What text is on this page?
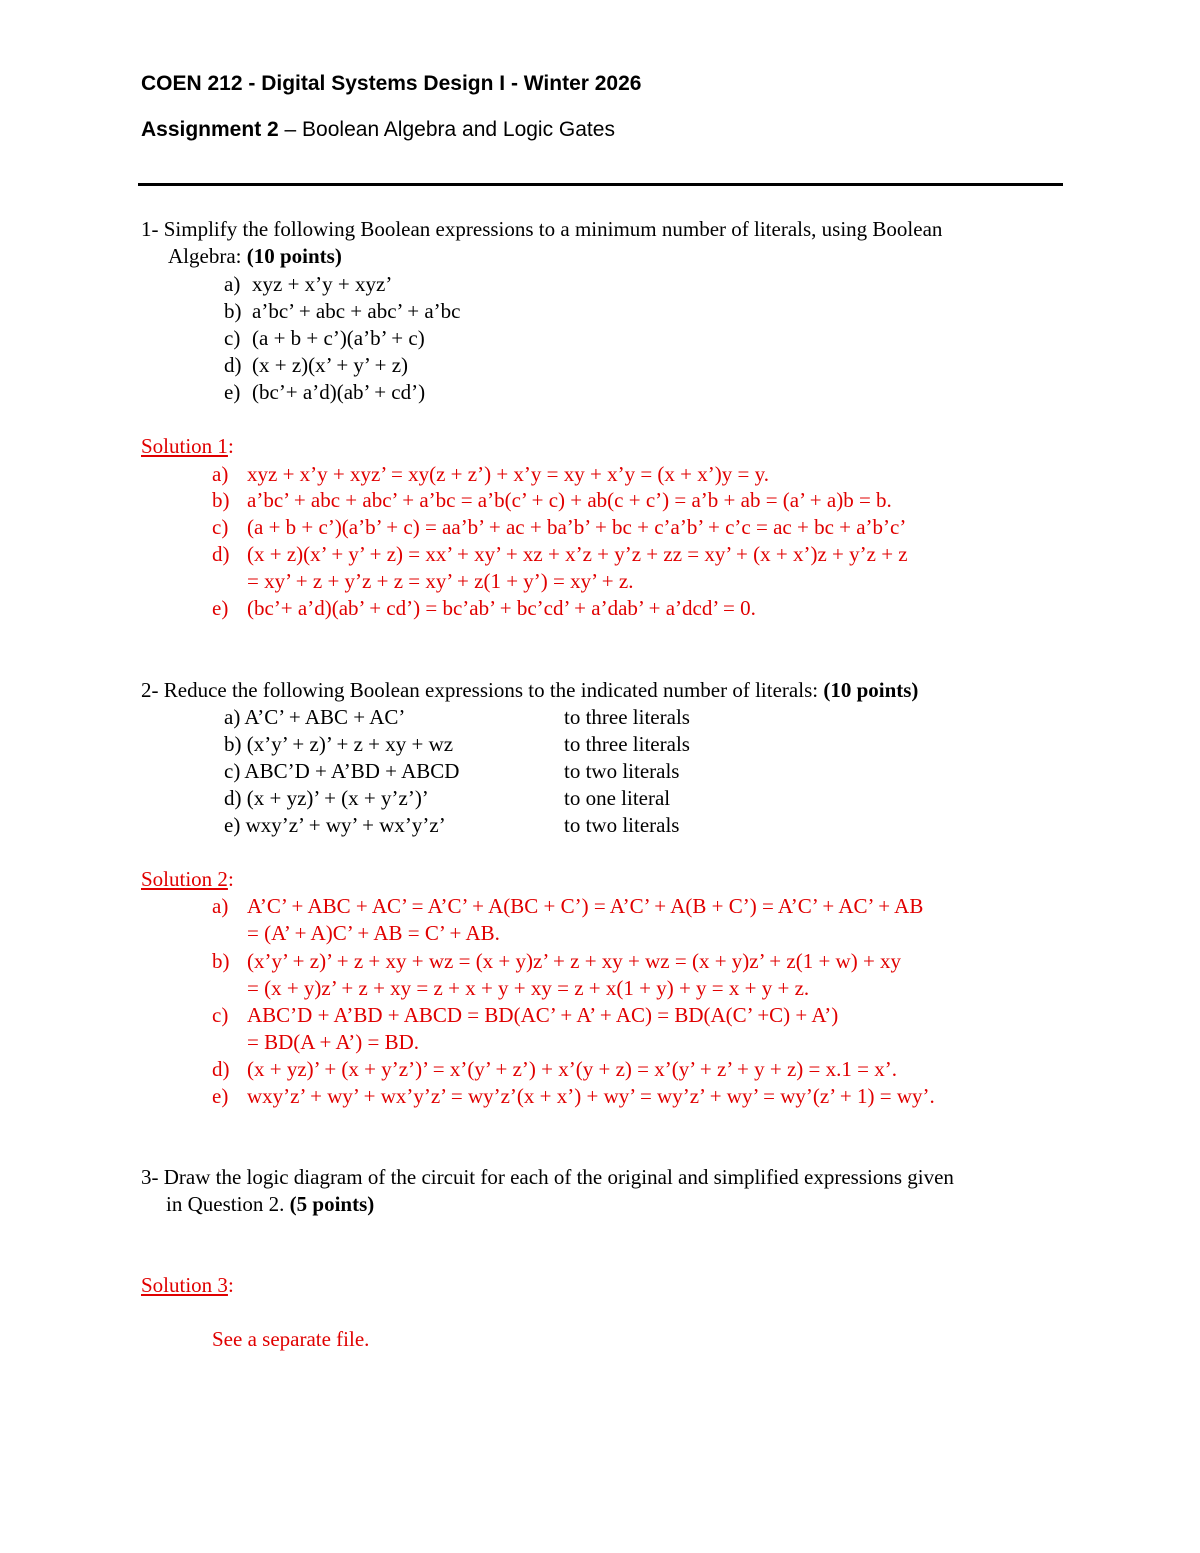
COEN 212 - Digital Systems Design I - Winter 2026
Assignment 2 – Boolean Algebra and Logic Gates
1- Simplify the following Boolean expressions to a minimum number of literals, using Boolean
Algebra: (10 points)
a) xyz + x’y + xyz’
b) a’bc’ + abc + abc’ + a’bc
c) (a + b + c’)(a’b’ + c)
d) (x + z)(x’ + y’ + z)
e) (bc’+ a’d)(ab’ + cd’)
Solution 1:
a) xyz + x’y + xyz’ = xy(z + z’) + x’y = xy + x’y = (x + x’)y = y.
b) a’bc’ + abc + abc’ + a’bc = a’b(c’ + c) + ab(c + c’) = a’b + ab = (a’ + a)b = b.
c) (a + b + c’)(a’b’ + c) = aa’b’ + ac + ba’b’ + bc + c’a’b’ + c’c = ac + bc + a’b’c’
d) (x + z)(x’ + y’ + z) = xx’ + xy’ + xz + x’z + y’z + zz = xy’ + (x + x’)z + y’z + z
= xy’ + z + y’z + z = xy’ + z(1 + y’) = xy’ + z.
e) (bc’+ a’d)(ab’ + cd’) = bc’ab’ + bc’cd’ + a’dab’ + a’dcd’ = 0.
2- Reduce the following Boolean expressions to the indicated number of literals: (10 points)
a) A’C’ + ABC + AC’	to three literals
b) (x’y’ + z)’ + z + xy + wz	to three literals
c) ABC’D + A’BD + ABCD	to two literals
d) (x + yz)’ + (x + y’z’)’	to one literal
e) wxy’z’ + wy’ + wx’y’z’	to two literals
Solution 2:
a) A’C’ + ABC + AC’ = A’C’ + A(BC + C’) = A’C’ + A(B + C’) = A’C’ + AC’ + AB
= (A’ + A)C’ + AB = C’ + AB.
b) (x’y’ + z)’ + z + xy + wz = (x + y)z’ + z + xy + wz = (x + y)z’ + z(1 + w) + xy
= (x + y)z’ + z + xy = z + x + y + xy = z + x(1 + y) + y = x + y + z.
c) ABC’D + A’BD + ABCD = BD(AC’ + A’ + AC) = BD(A(C’ +C) + A’)
= BD(A + A’) = BD.
d) (x + yz)’ + (x + y’z’)’ = x’(y’ + z’) + x’(y + z) = x’(y’ + z’ + y + z) = x.1 = x’.
e) wxy’z’ + wy’ + wx’y’z’ = wy’z’(x + x’) + wy’ = wy’z’ + wy’ = wy’(z’ + 1) = wy’.
3- Draw the logic diagram of the circuit for each of the original and simplified expressions given
in Question 2. (5 points)
Solution 3:
See a separate file.
